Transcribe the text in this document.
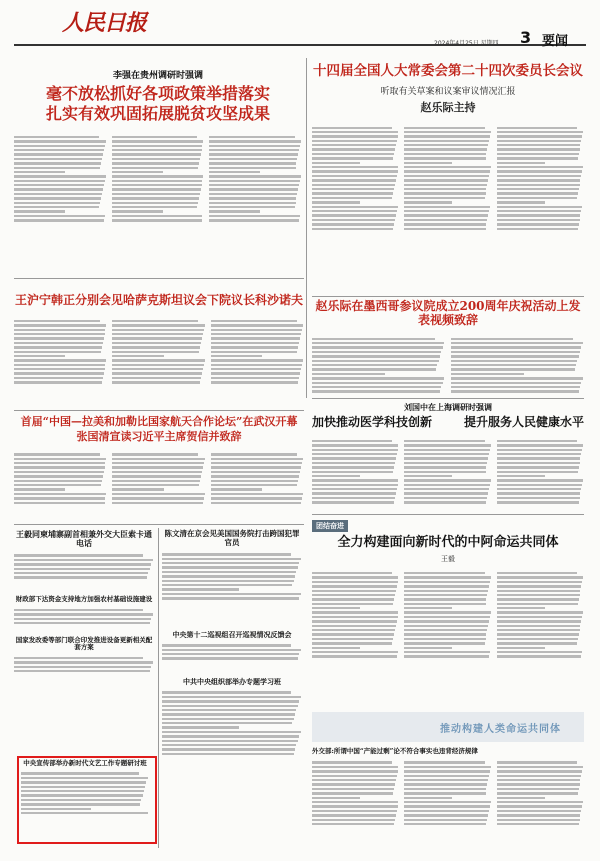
人民日报
2024年4月25日 星期四 3 要闻
李强在贵州调研时强调
毫不放松抓好各项政策举措落实
扎实有效巩固拓展脱贫攻坚成果
十四届全国人大常委会第二十四次委员长会议
听取有关草案和议案审议情况汇报
赵乐际主持
赵乐际在墨西哥参议院成立200周年庆祝活动上发表视频致辞
王沪宁韩正分别会见哈萨克斯坦议会下院议长科沙诺夫
首届“中国—拉美和加勒比国家航天合作论坛”在武汉开幕
张国清宣读习近平主席贺信并致辞
刘国中在上海调研时强调
加快推动医学科技创新	提升服务人民健康水平
王毅同柬埔寨副首相兼外交大臣索卡通电话
财政部下达资金支持地方加强农村基础设施建设
国家发改委等部门联合印发推进设备更新相关配套方案
陈文清在京会见美国国务院打击跨国犯罪官员
中央第十二巡视组召开巡视情况反馈会
中共中央组织部举办专题学习班
中央宣传部举办新时代文艺工作专题研讨班
团结奋进
全力构建面向新时代的中阿命运共同体
王毅
推动构建人类命运共同体
外交部:所谓中国“产能过剩”论不符合事实也违背经济规律
